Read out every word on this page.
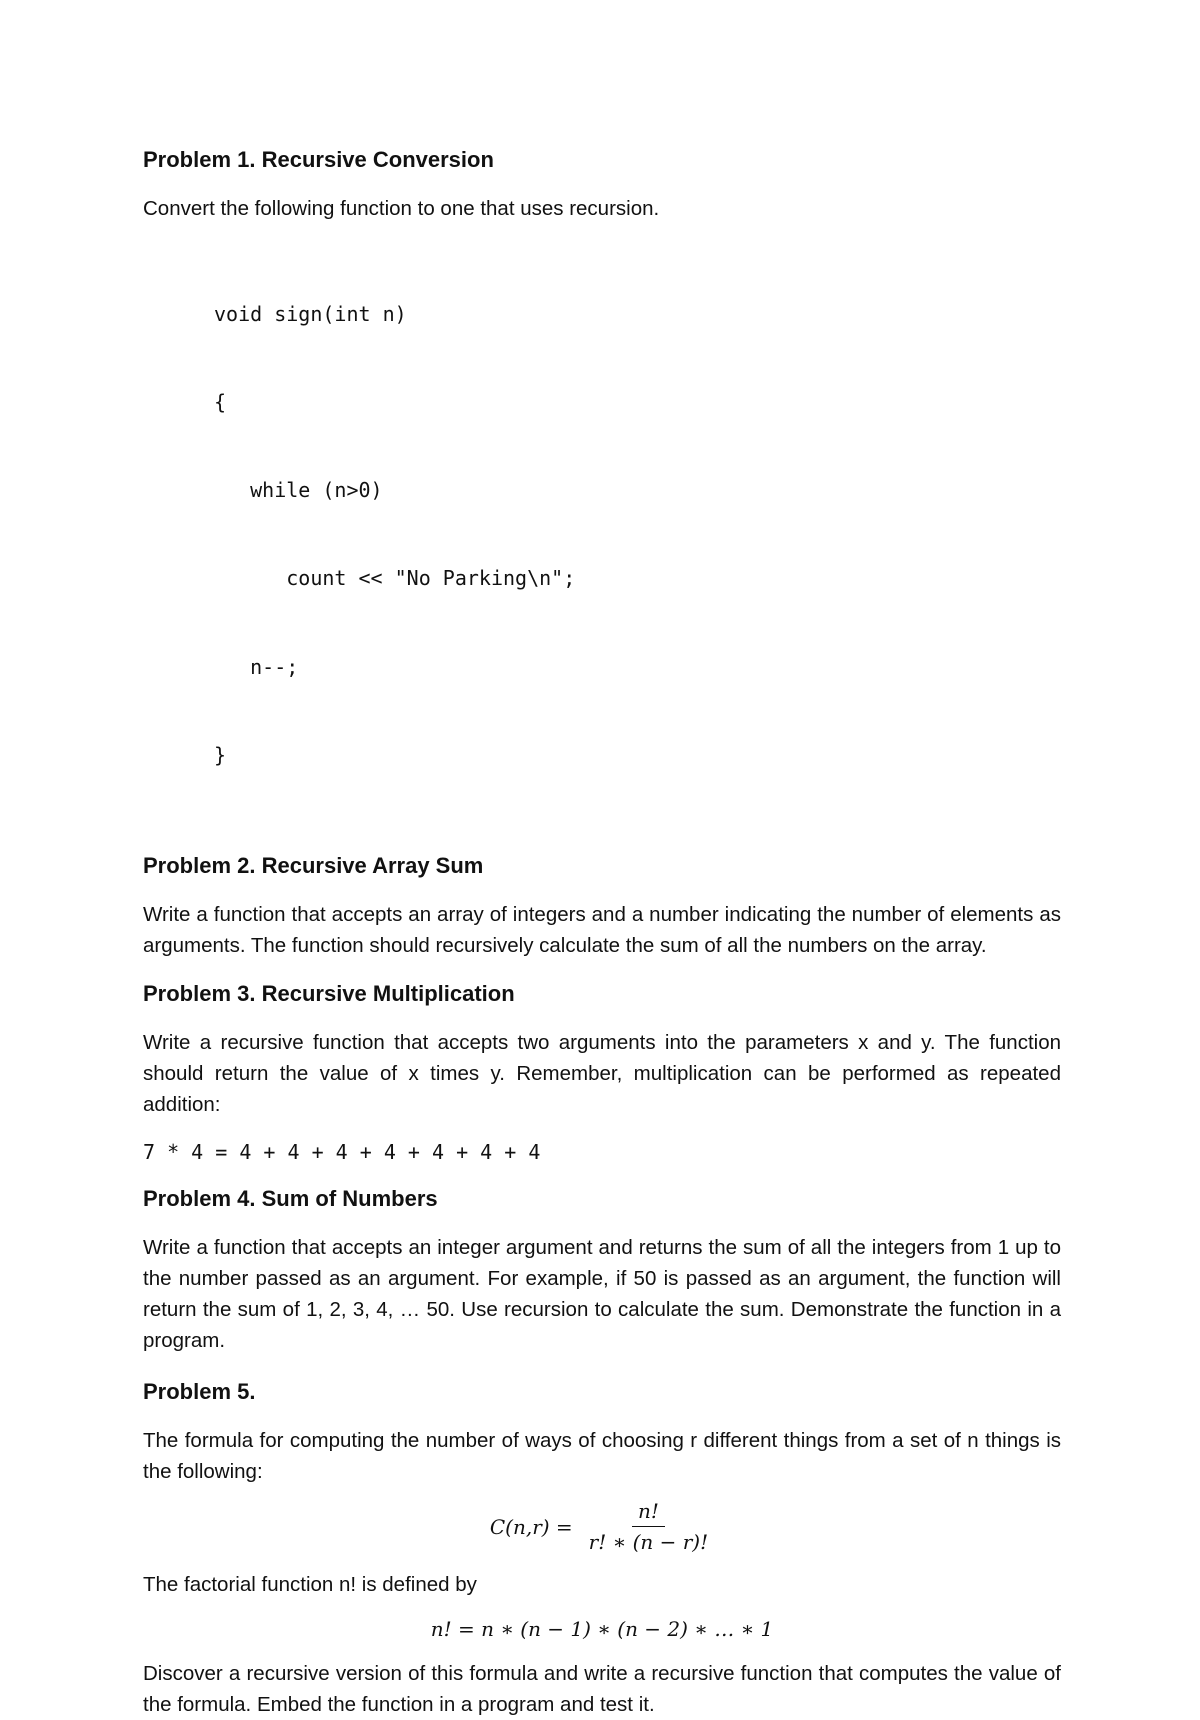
Problem 1. Recursive Conversion

Convert the following function to one that uses recursion.

void sign(int n)

{

while (n>0)

count << "No Parking\n";

n--;

}

Problem 2. Recursive Array Sum

Write a function that accepts an array of integers and a number indicating the number of elements as arguments. The function should recursively calculate the sum of all the numbers on the array.

Problem 3. Recursive Multiplication

Write a recursive function that accepts two arguments into the parameters x and y. The function should return the value of x times y. Remember, multiplication can be performed as repeated addition:

7 * 4 = 4 + 4 + 4 + 4 + 4 + 4 + 4

Problem 4. Sum of Numbers

Write a function that accepts an integer argument and returns the sum of all the integers from 1 up to the number passed as an argument. For example, if 50 is passed as an argument, the function will return the sum of 1, 2, 3, 4, … 50. Use recursion to calculate the sum. Demonstrate the function in a program.

Problem 5.

The formula for computing the number of ways of choosing r different things from a set of n things is the following:

$C(n,r) = \frac{n!}{r! ∗ (n - r)!}$

The factorial function n! is defined by

n! = n ∗ (n − 1) ∗ (n − 2) ∗ … ∗ 1

Discover a recursive version of this formula and write a recursive function that computes the value of the formula. Embed the function in a program and test it.
